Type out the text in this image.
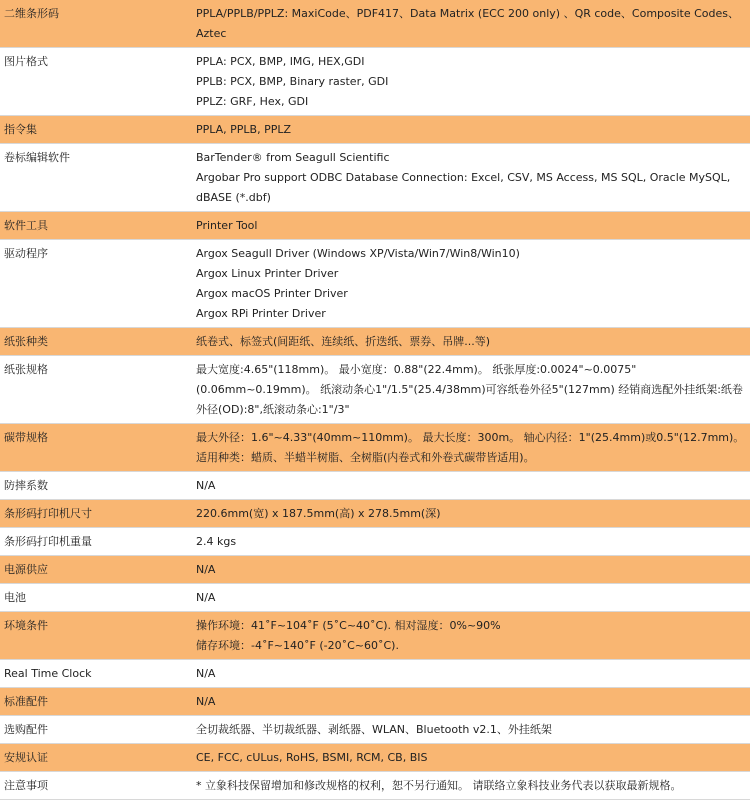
二维条形码	PPLA/PPLB/PPLZ: MaxiCode、PDF417、Data Matrix (ECC 200 only) 、QR code、Composite Codes、Aztec

图片格式	PPLA: PCX, BMP, IMG, HEX,GDI
PPLB: PCX, BMP, Binary raster, GDI
PPLZ: GRF, Hex, GDI

指令集	PPLA, PPLB, PPLZ

卷标编辑软件	BarTender® from Seagull Scientific
Argobar Pro support ODBC Database Connection: Excel, CSV, MS Access, MS SQL, Oracle MySQL, dBASE (*.dbf)

软件工具	Printer Tool

驱动程序	Argox Seagull Driver (Windows XP/Vista/Win7/Win8/Win10)
Argox Linux Printer Driver
Argox macOS Printer Driver
Argox RPi Printer Driver

纸张种类	纸卷式、标签式(间距纸、连续纸、折迭纸、票券、吊牌...等)

纸张规格	最大宽度:4.65"(118mm)。 最小宽度：0.88"(22.4mm)。 纸张厚度:0.0024"~0.0075" (0.06mm~0.19mm)。 纸滚动条心1"/1.5"(25.4/38mm)可容纸卷外径5"(127mm) 经销商选配外挂纸架:纸卷外径(OD):8",纸滚动条心:1"/3"

碳带规格	最大外径：1.6"~4.33"(40mm~110mm)。 最大长度：300m。 轴心内径：1"(25.4mm)或0.5"(12.7mm)。 适用种类：蜡质、半蜡半树脂、全树脂(内卷式和外卷式碳带皆适用)。

防摔系数	N/A

条形码打印机尺寸	220.6mm(宽) x 187.5mm(高) x 278.5mm(深)

条形码打印机重量	2.4 kgs

电源供应	N/A

电池	N/A

环境条件	操作环境：41˚F~104˚F (5˚C~40˚C). 相对湿度：0%~90%
储存环境：-4˚F~140˚F (-20˚C~60˚C).

Real Time Clock	N/A

标准配件	N/A

选购配件	全切裁纸器、半切裁纸器、剥纸器、WLAN、Bluetooth v2.1、外挂纸架

安规认证	CE, FCC, cULus, RoHS, BSMI, RCM, CB, BIS

注意事项	* 立象科技保留增加和修改规格的权利，恕不另行通知。 请联络立象科技业务代表以获取最新规格。
